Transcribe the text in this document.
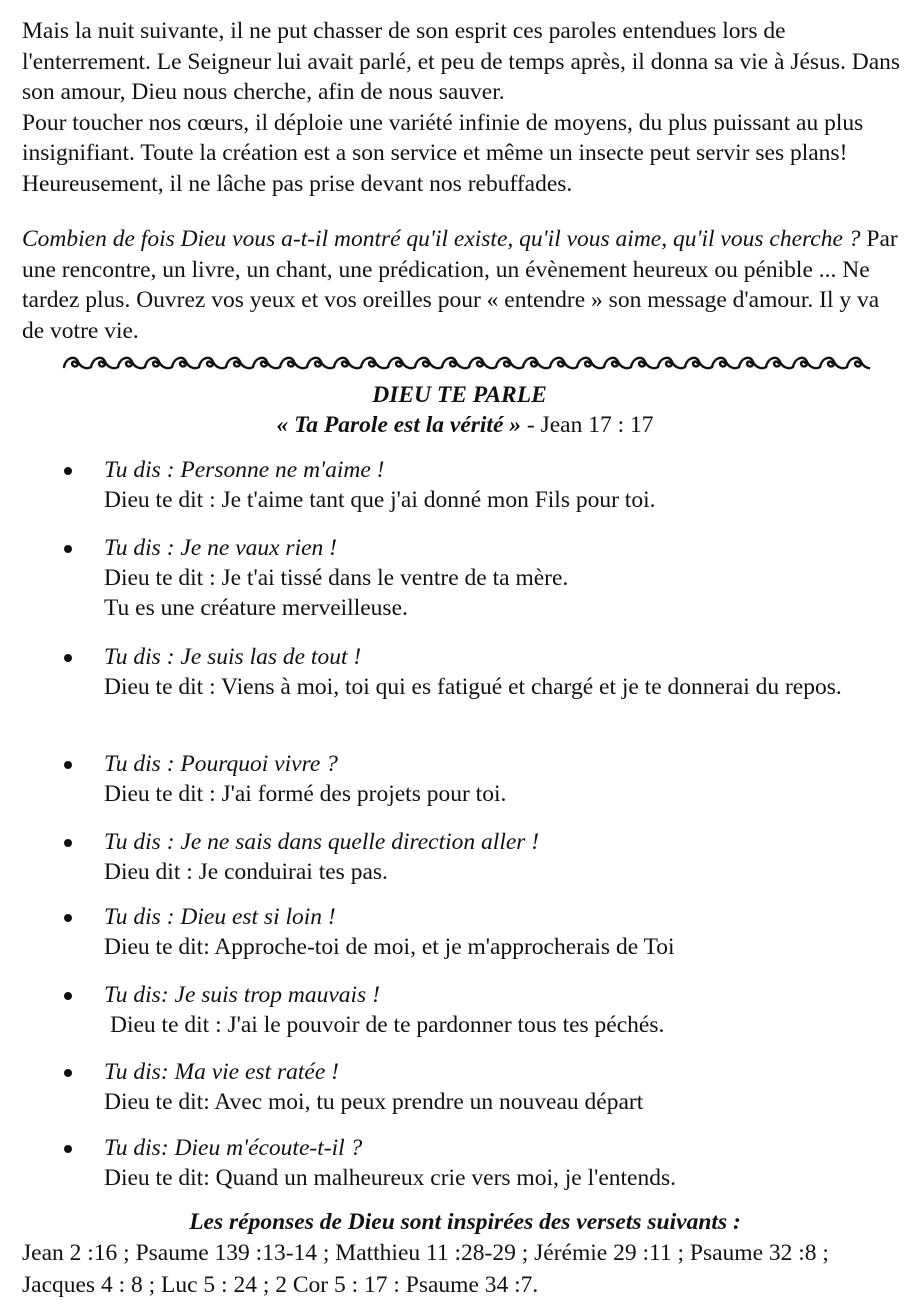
Mais la nuit suivante, il ne put chasser de son esprit ces paroles entendues lors de l'enterrement. Le Seigneur lui avait parlé, et peu de temps après, il donna sa vie à Jésus. Dans son amour, Dieu nous cherche, afin de nous sauver.
Pour toucher nos cœurs, il déploie une variété infinie de moyens, du plus puissant au plus insignifiant. Toute la création est a son service et même un insecte peut servir ses plans! Heureusement, il ne lâche pas prise devant nos rebuffades.

Combien de fois Dieu vous a-t-il montré qu'il existe, qu'il vous aime, qu'il vous cherche ? Par une rencontre, un livre, un chant, une prédication, un évènement heureux ou pénible ... Ne tardez plus. Ouvrez vos yeux et vos oreilles pour « entendre » son message d'amour. Il y va de votre vie.

DIEU TE PARLE
« Ta Parole est la vérité » - Jean 17 : 17
Tu dis : Personne ne m'aime !

Dieu te dit : Je t'aime tant que j'ai donné mon Fils pour toi.

Tu dis : Je ne vaux rien !

Dieu te dit : Je t'ai tissé dans le ventre de ta mère.
Tu es une créature merveilleuse.

Tu dis : Je suis las de tout !

Dieu te dit : Viens à moi, toi qui es fatigué et chargé et je te donnerai du repos.

Tu dis : Pourquoi vivre ?

Dieu te dit : J'ai formé des projets pour toi.

Tu dis : Je ne sais dans quelle direction aller !

Dieu dit : Je conduirai tes pas.

Tu dis : Dieu est si loin !

Dieu te dit: Approche-toi de moi, et je m'approcherais de Toi

Tu dis: Je suis trop mauvais !

Dieu te dit : J'ai le pouvoir de te pardonner tous tes péchés.

Tu dis: Ma vie est ratée !

Dieu te dit: Avec moi, tu peux prendre un nouveau départ

Tu dis: Dieu m'écoute-t-il ?

Dieu te dit: Quand un malheureux crie vers moi, je l'entends.

Les réponses de Dieu sont inspirées des versets suivants :

Jean 2 :16 ; Psaume 139 :13-14 ; Matthieu 11 :28-29 ; Jérémie 29 :11 ; Psaume 32 :8 ; Jacques 4 : 8 ; Luc 5 : 24 ; 2 Cor 5 : 17 : Psaume 34 :7.
